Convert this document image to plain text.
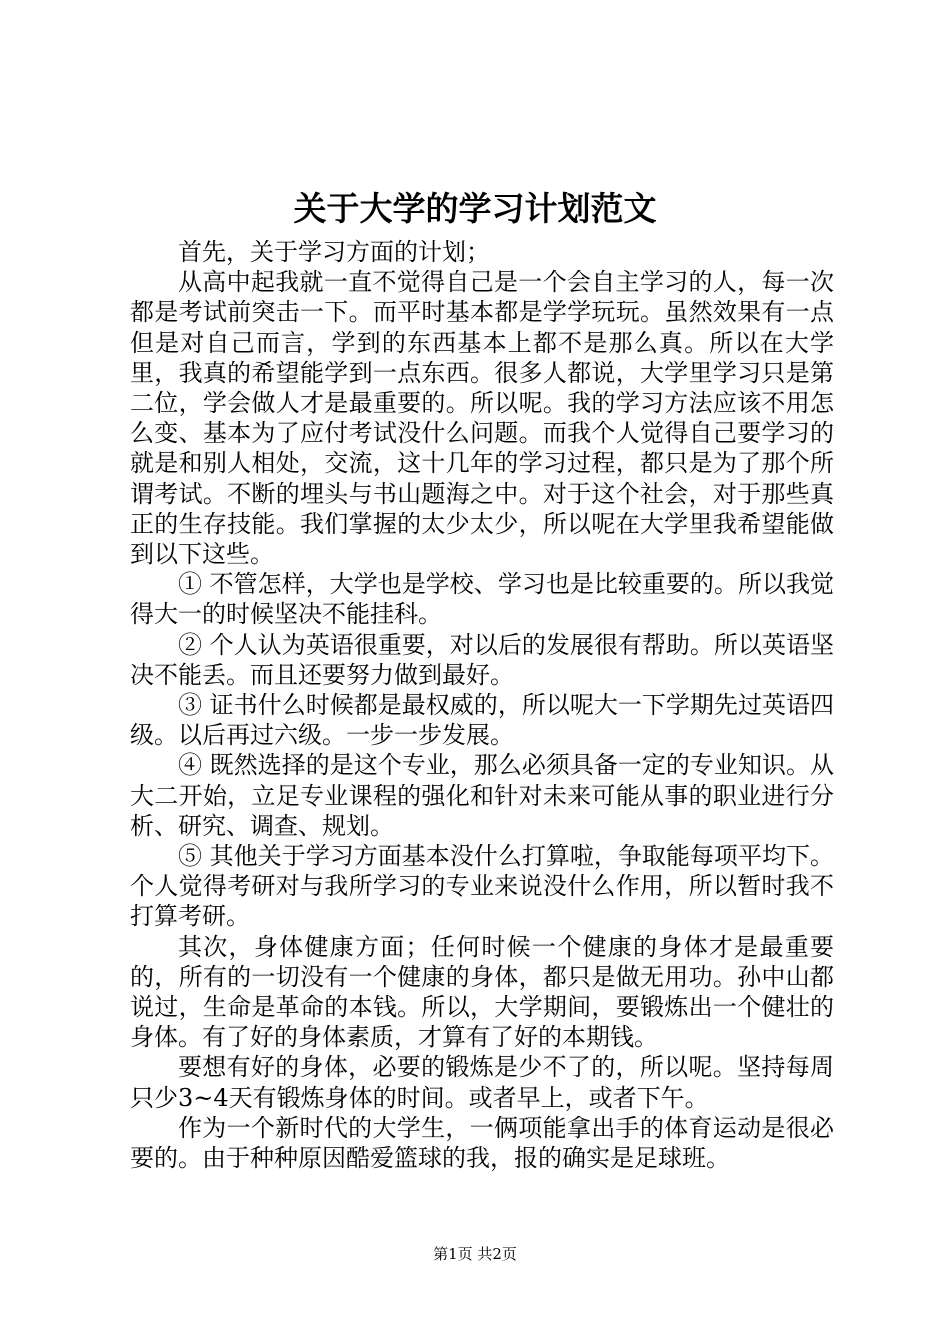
关于大学的学习计划范文

首先，关于学习方面的计划；

从高中起我就一直不觉得自己是一个会自主学习的人，每一次都是考试前突击一下。而平时基本都是学学玩玩。虽然效果有一点但是对自己而言，学到的东西基本上都不是那么真。所以在大学里，我真的希望能学到一点东西。很多人都说，大学里学习只是第二位，学会做人才是最重要的。所以呢。我的学习方法应该不用怎么变、基本为了应付考试没什么问题。而我个人觉得自己要学习的就是和别人相处，交流，这十几年的学习过程，都只是为了那个所谓考试。不断的埋头与书山题海之中。对于这个社会，对于那些真正的生存技能。我们掌握的太少太少，所以呢在大学里我希望能做到以下这些。

① 不管怎样，大学也是学校、学习也是比较重要的。所以我觉得大一的时候坚决不能挂科。

② 个人认为英语很重要，对以后的发展很有帮助。所以英语坚决不能丢。而且还要努力做到最好。

③ 证书什么时候都是最权威的，所以呢大一下学期先过英语四级。以后再过六级。一步一步发展。

④ 既然选择的是这个专业，那么必须具备一定的专业知识。从大二开始，立足专业课程的强化和针对未来可能从事的职业进行分析、研究、调查、规划。

⑤ 其他关于学习方面基本没什么打算啦，争取能每项平均下。个人觉得考研对与我所学习的专业来说没什么作用，所以暂时我不打算考研。

其次，身体健康方面；任何时候一个健康的身体才是最重要的，所有的一切没有一个健康的身体，都只是做无用功。孙中山都说过，生命是革命的本钱。所以，大学期间，要锻炼出一个健壮的身体。有了好的身体素质，才算有了好的本期钱。

要想有好的身体，必要的锻炼是少不了的，所以呢。坚持每周只少3~4天有锻炼身体的时间。或者早上，或者下午。

作为一个新时代的大学生，一俩项能拿出手的体育运动是很必要的。由于种种原因酷爱篮球的我，报的确实是足球班。

第1页 共2页
